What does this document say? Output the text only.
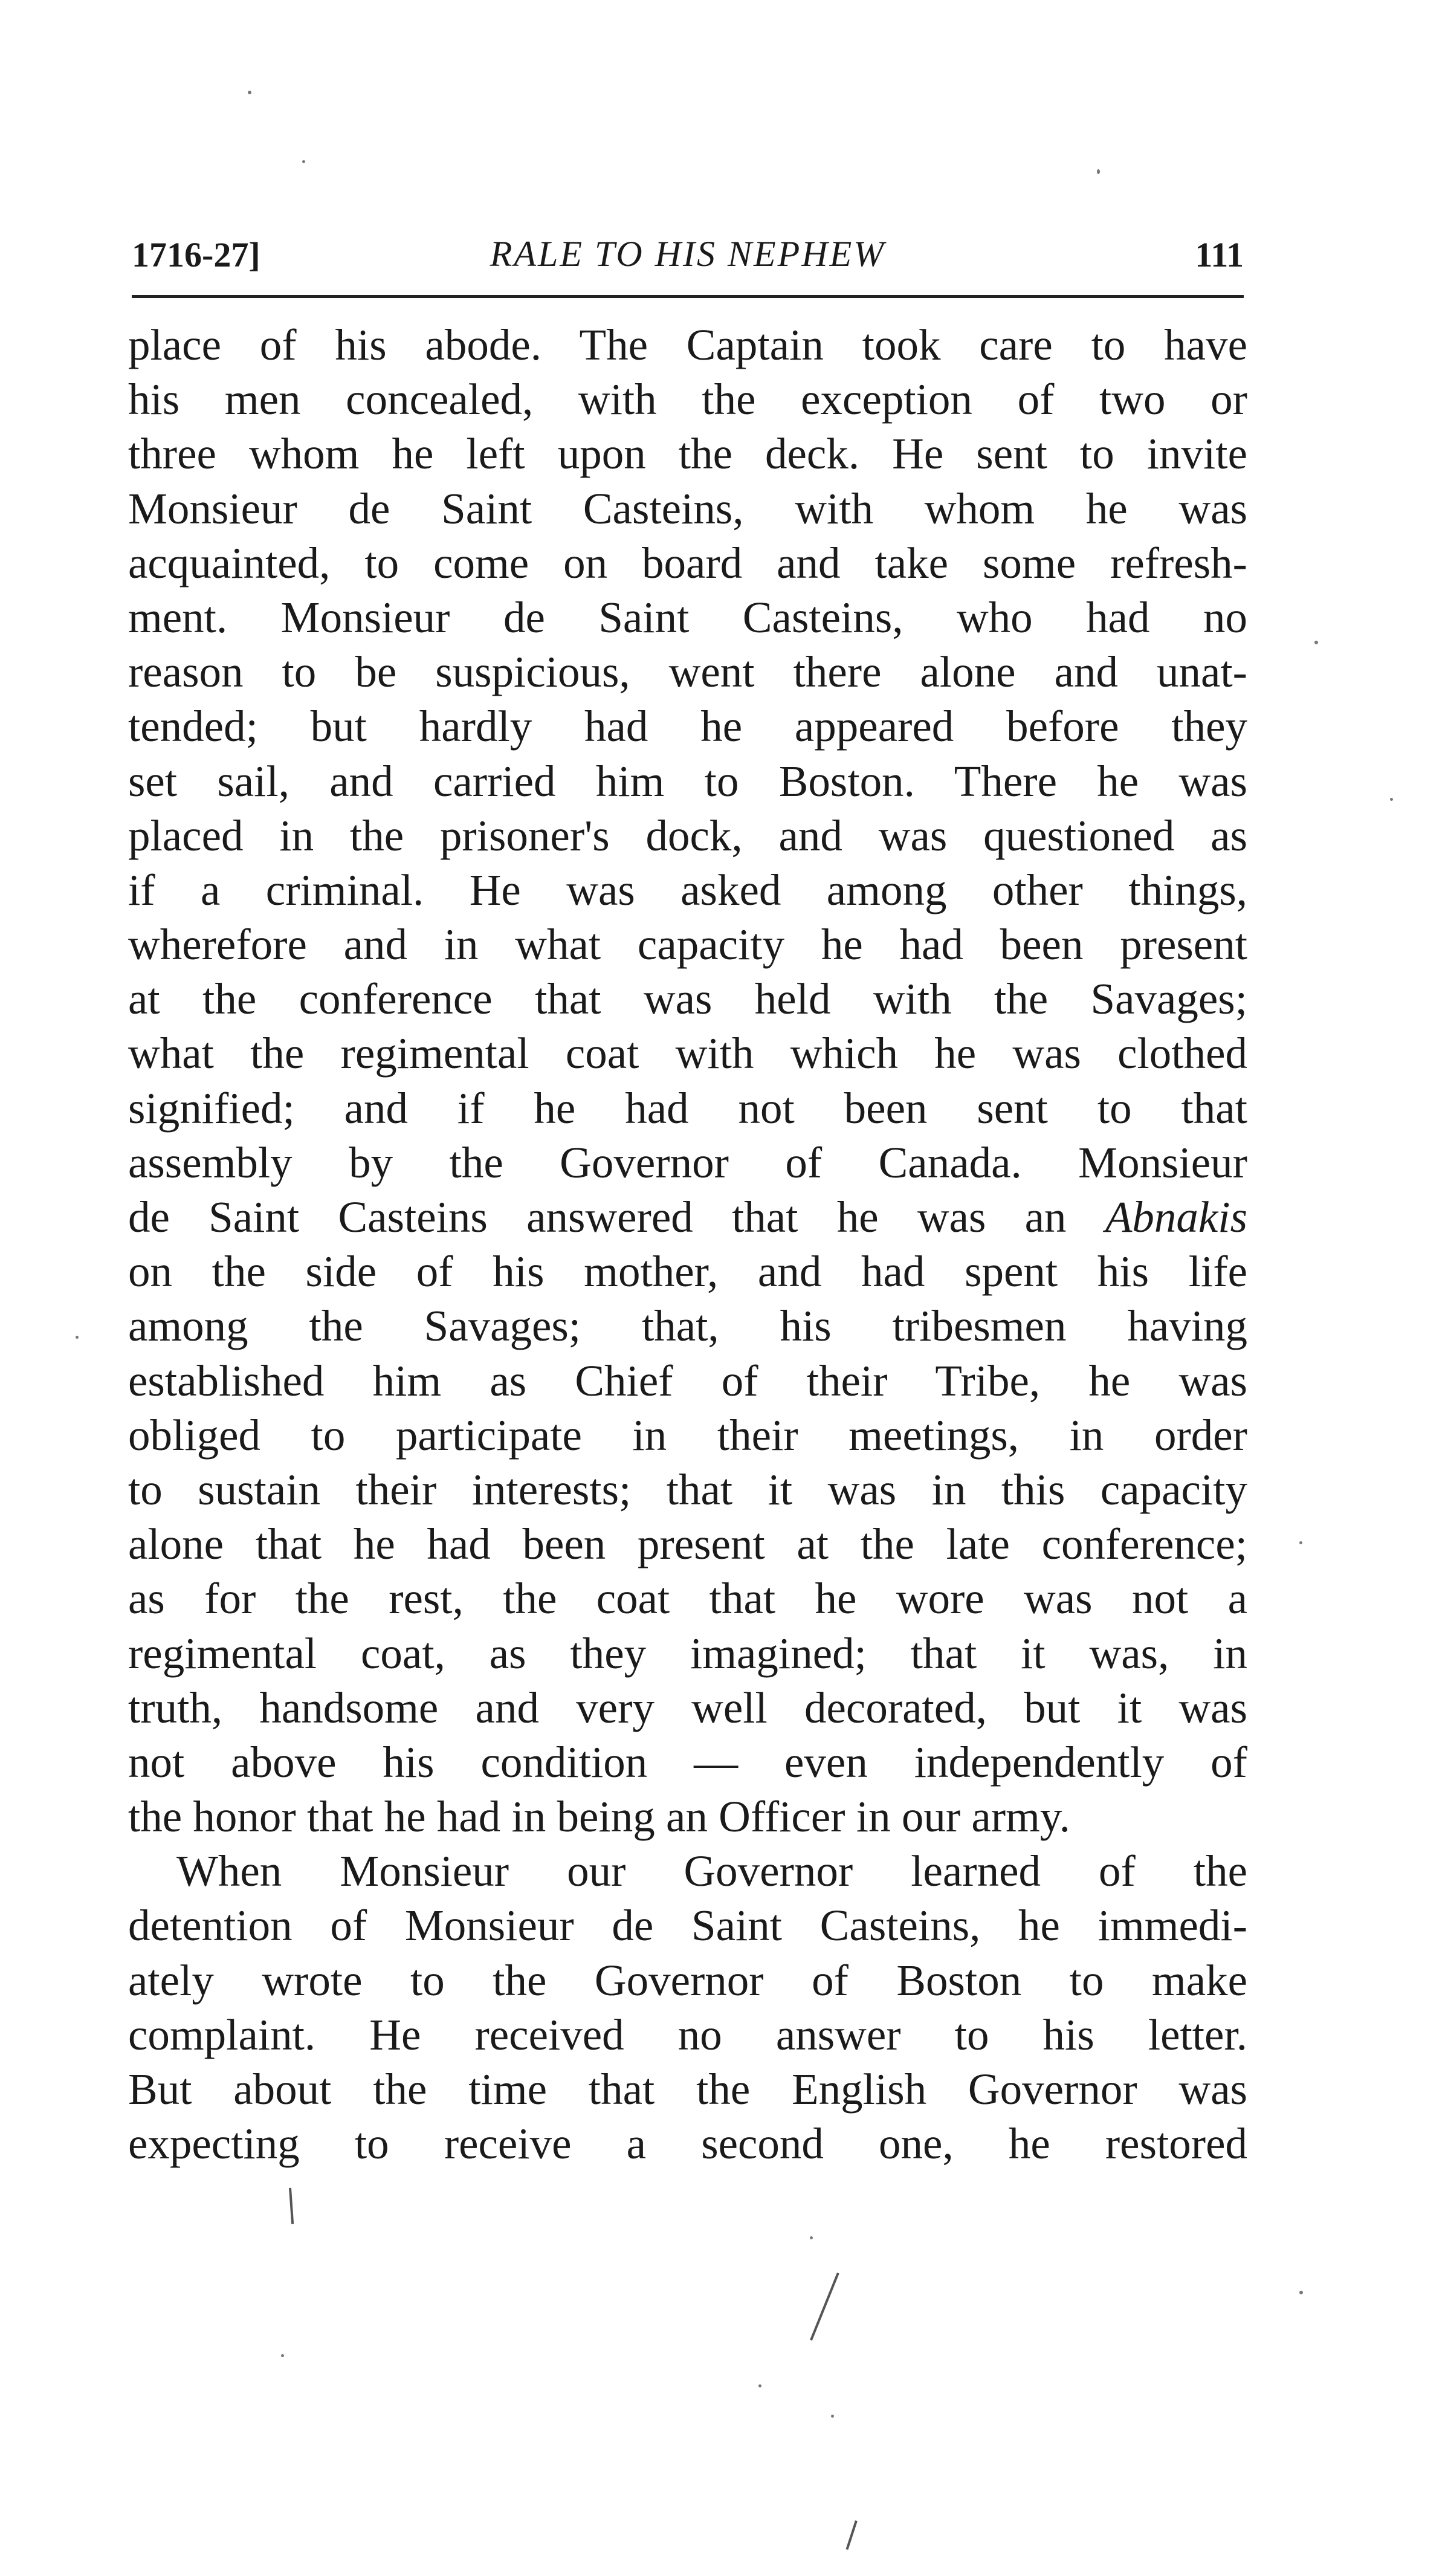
1716-27]	RALE TO HIS NEPHEW	111
place of his abode. The Captain took care to have
his men concealed, with the exception of two or
three whom he left upon the deck. He sent to invite
Monsieur de Saint Casteins, with whom he was
acquainted, to come on board and take some refresh-
ment. Monsieur de Saint Casteins, who had no
reason to be suspicious, went there alone and unat-
tended; but hardly had he appeared before they
set sail, and carried him to Boston. There he was
placed in the prisoner's dock, and was questioned as
if a criminal. He was asked among other things,
wherefore and in what capacity he had been present
at the conference that was held with the Savages;
what the regimental coat with which he was clothed
signified; and if he had not been sent to that
assembly by the Governor of Canada. Monsieur
de Saint Casteins answered that he was an Abnakis
on the side of his mother, and had spent his life
among the Savages; that, his tribesmen having
established him as Chief of their Tribe, he was
obliged to participate in their meetings, in order
to sustain their interests; that it was in this capacity
alone that he had been present at the late conference;
as for the rest, the coat that he wore was not a
regimental coat, as they imagined; that it was, in
truth, handsome and very well decorated, but it was
not above his condition — even independently of
the honor that he had in being an Officer in our army.
When Monsieur our Governor learned of the
detention of Monsieur de Saint Casteins, he immedi-
ately wrote to the Governor of Boston to make
complaint. He received no answer to his letter.
But about the time that the English Governor was
expecting to receive a second one, he restored
